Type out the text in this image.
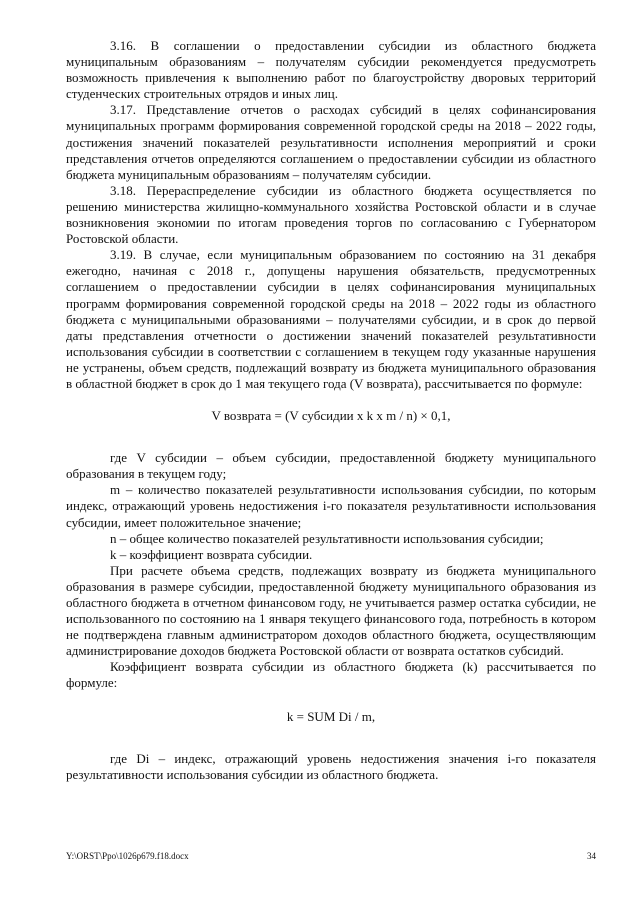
3.16. В соглашении о предоставлении субсидии из областного бюджета муниципальным образованиям – получателям субсидии рекомендуется предусмотреть возможность привлечения к выполнению работ по благоустройству дворовых территорий студенческих строительных отрядов и иных лиц.

3.17. Представление отчетов о расходах субсидий в целях софинансирования муниципальных программ формирования современной городской среды на 2018 – 2022 годы, достижения значений показателей результативности исполнения мероприятий и сроки представления отчетов определяются соглашением о предоставлении субсидии из областного бюджета муниципальным образованиям – получателям субсидии.

3.18. Перераспределение субсидии из областного бюджета осуществляется по решению министерства жилищно-коммунального хозяйства Ростовской области и в случае возникновения экономии по итогам проведения торгов по согласованию с Губернатором Ростовской области.

3.19. В случае, если муниципальным образованием по состоянию на 31 декабря ежегодно, начиная с 2018 г., допущены нарушения обязательств, предусмотренных соглашением о предоставлении субсидии в целях софинансирования муниципальных программ формирования современной городской среды на 2018 – 2022 годы из областного бюджета с муниципальными образованиями – получателями субсидии, и в срок до первой даты представления отчетности о достижении значений показателей результативности использования субсидии в соответствии с соглашением в текущем году указанные нарушения не устранены, объем средств, подлежащий возврату из бюджета муниципального образования в областной бюджет в срок до 1 мая текущего года (V возврата), рассчитывается по формуле:

V возврата = (V субсидии x k x m / n) × 0,1,

где V субсидии – объем субсидии, предоставленной бюджету муниципального образования в текущем году;

m – количество показателей результативности использования субсидии, по которым индекс, отражающий уровень недостижения i-го показателя результативности использования субсидии, имеет положительное значение;

n – общее количество показателей результативности использования субсидии;

k – коэффициент возврата субсидии.

При расчете объема средств, подлежащих возврату из бюджета муниципального образования в размере субсидии, предоставленной бюджету муниципального образования из областного бюджета в отчетном финансовом году, не учитывается размер остатка субсидии, не использованного по состоянию на 1 января текущего финансового года, потребность в котором не подтверждена главным администратором доходов областного бюджета, осуществляющим администрирование доходов бюджета Ростовской области от возврата остатков субсидий.

Коэффициент возврата субсидии из областного бюджета (k) рассчитывается по формуле:

k = SUM Di / m,

где Di – индекс, отражающий уровень недостижения значения i-го показателя результативности использования субсидии из областного бюджета.

Y:\ORST\Ppo\1026p679.f18.docx	34
